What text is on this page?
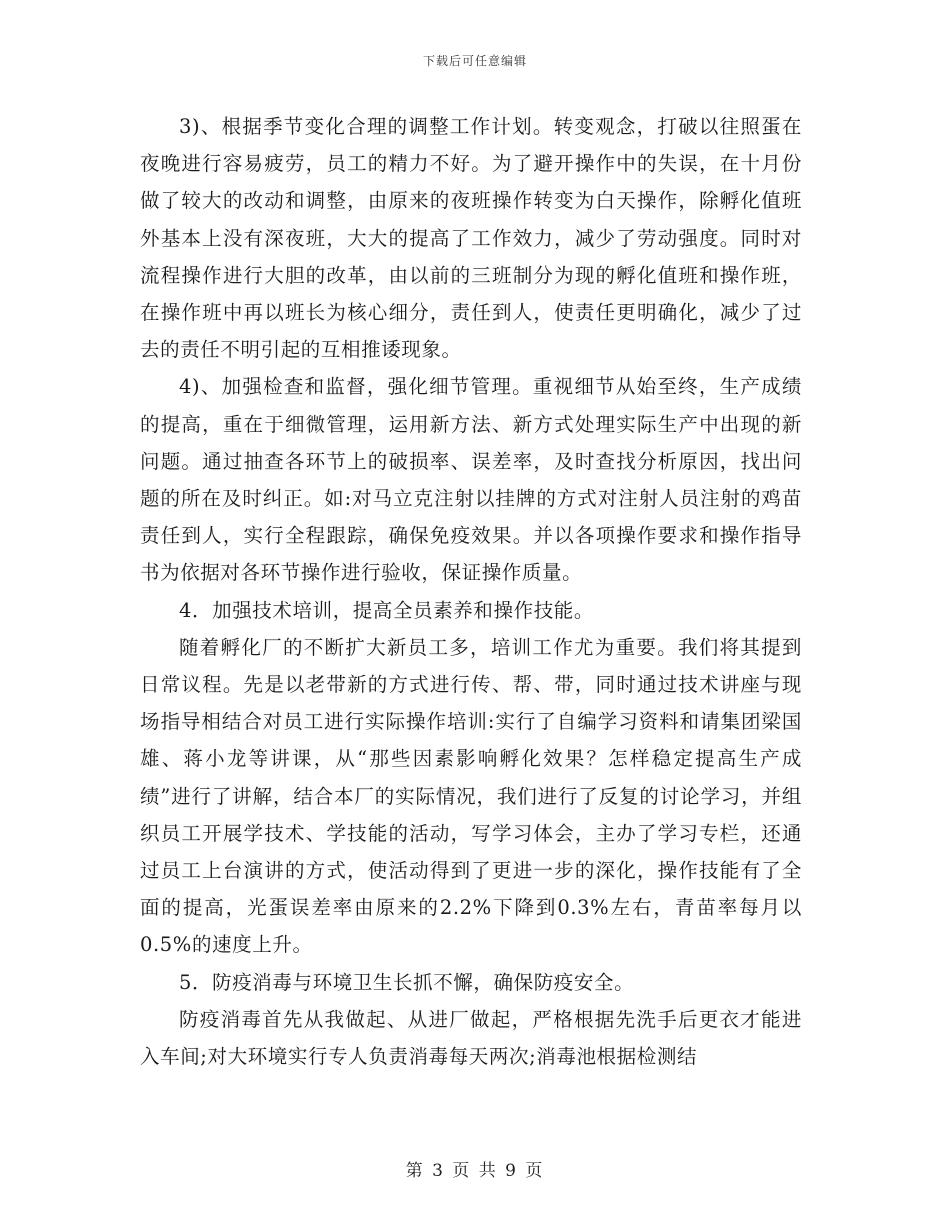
下载后可任意编辑

3)、根据季节变化合理的调整工作计划。转变观念，打破以往照蛋在夜晚进行容易疲劳，员工的精力不好。为了避开操作中的失误，在十月份做了较大的改动和调整，由原来的夜班操作转变为白天操作，除孵化值班外基本上没有深夜班，大大的提高了工作效力，减少了劳动强度。同时对流程操作进行大胆的改革，由以前的三班制分为现的孵化值班和操作班，在操作班中再以班长为核心细分，责任到人，使责任更明确化，减少了过去的责任不明引起的互相推诿现象。

4)、加强检查和监督，强化细节管理。重视细节从始至终，生产成绩的提高，重在于细微管理，运用新方法、新方式处理实际生产中出现的新问题。通过抽查各环节上的破损率、误差率，及时查找分析原因，找出问题的所在及时纠正。如:对马立克注射以挂牌的方式对注射人员注射的鸡苗责任到人，实行全程跟踪，确保免疫效果。并以各项操作要求和操作指导书为依据对各环节操作进行验收，保证操作质量。

4．加强技术培训，提高全员素养和操作技能。

随着孵化厂的不断扩大新员工多，培训工作尤为重要。我们将其提到日常议程。先是以老带新的方式进行传、帮、带，同时通过技术讲座与现场指导相结合对员工进行实际操作培训:实行了自编学习资料和请集团梁国雄、蒋小龙等讲课，从“那些因素影响孵化效果？怎样稳定提高生产成绩”进行了讲解，结合本厂的实际情况，我们进行了反复的讨论学习，并组织员工开展学技术、学技能的活动，写学习体会，主办了学习专栏，还通过员工上台演讲的方式，使活动得到了更进一步的深化，操作技能有了全面的提高，光蛋误差率由原来的2.2%下降到0.3%左右，青苗率每月以0.5%的速度上升。

5．防疫消毒与环境卫生长抓不懈，确保防疫安全。

防疫消毒首先从我做起、从进厂做起，严格根据先洗手后更衣才能进入车间;对大环境实行专人负责消毒每天两次;消毒池根据检测结

第 3 页 共 9 页
